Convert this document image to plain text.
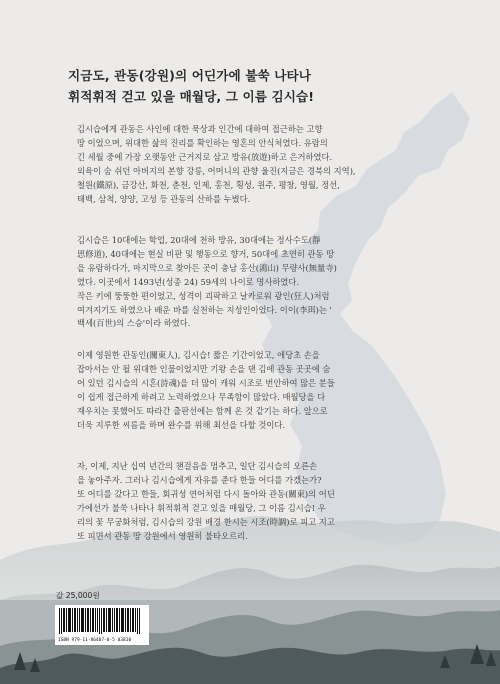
지금도, 관동(강원)의 어딘가에 불쑥 나타나
휘적휘적 걷고 있을 매월당, 그 이름 김시습!
김시습에게 관동은 사인에 대한 묵상과 인간에 대하여 접근하는 고향
땅 이었으며, 위대한 삶의 진리를 확인하는 영혼의 안식처였다. 유람의
긴 세월 중에 가장 오랫동안 근거지로 삼고 방유(放遊)하고 은거하였다.
외육이 숨 쉬던 아버지의 본향 강릉, 어머니의 관향 울진(지금은 경북의 지역),
철원(鐵原), 금강산, 화천, 춘천, 인제, 홍천, 횡성, 원주, 평창, 영월, 정선,
태백, 삼척, 양양, 고성 등 관동의 산하를 누볐다.
김시습은 10대에는 학업, 20대에 천하 방유, 30대에는 정사수도(靜
思修道), 40대에는 현실 비판 및 행동으로 향거, 50대에 초연히 관동 땅
을 유람하다가, 마지막으로 찾아든 곳이 충남 홍산(鴻山) 무량사(無量寺)
였다. 이곳에서 1493년(성종 24) 59세의 나이로 명사하였다.
작은 키에 뚱뚱한 편이었고, 성격이 괴팍하고 날카로워 광인(狂人)처럼
여겨지기도 하였으나 배운 바를 실천하는 지성인이었다. 이이(李珥)는 '
백세(百世)의 스승'이라 하였다.
이제 영원한 관동인(關東人), 김시습! 짧은 기간이었고, 애당초 손을
잡아서는 안 될 위대한 인물이었지만 기왕 손을 댄 김에 관동 곳곳에 숨
어 있던 김시습의 시혼(詩魂)을 더 많이 캐워 시조로 번안하여 많은 분들
이 쉽게 접근하게 하려고 노력하였으나 무족함이 많았다. 매월당을 다
재우치는 못했어도 따라간 출판선에는 함께 온 것 같기는 하다. 앞으로
더욱 지루한 씨름을 하며 완수를 위해 최선을 다할 것이다.
자, 이제, 지난 십여 년간의 챈걸음을 멈추고, 일단 김시습의 오른손
을 놓아주자. 그러나 김시습에게 자유를 준다 한들 어디를 가겠는가?
또 어디를 갔다고 한들, 회귀성 연어처럼 다시 돌아와 관동(關東)의 어딘
가에선가 불쑥 나타나 휘적휘적 걷고 있을 매월당, 그 이름 김시습! 우
리의 꽃 무궁화처럼, 김시습의 강원 배경 한시는 시조(時調)로 피고 지고
또 피면서 관동 땅 강원에서 영원히 불타오르리.
값 25,000원
ISBN 979-11-86407-0-5 03810
